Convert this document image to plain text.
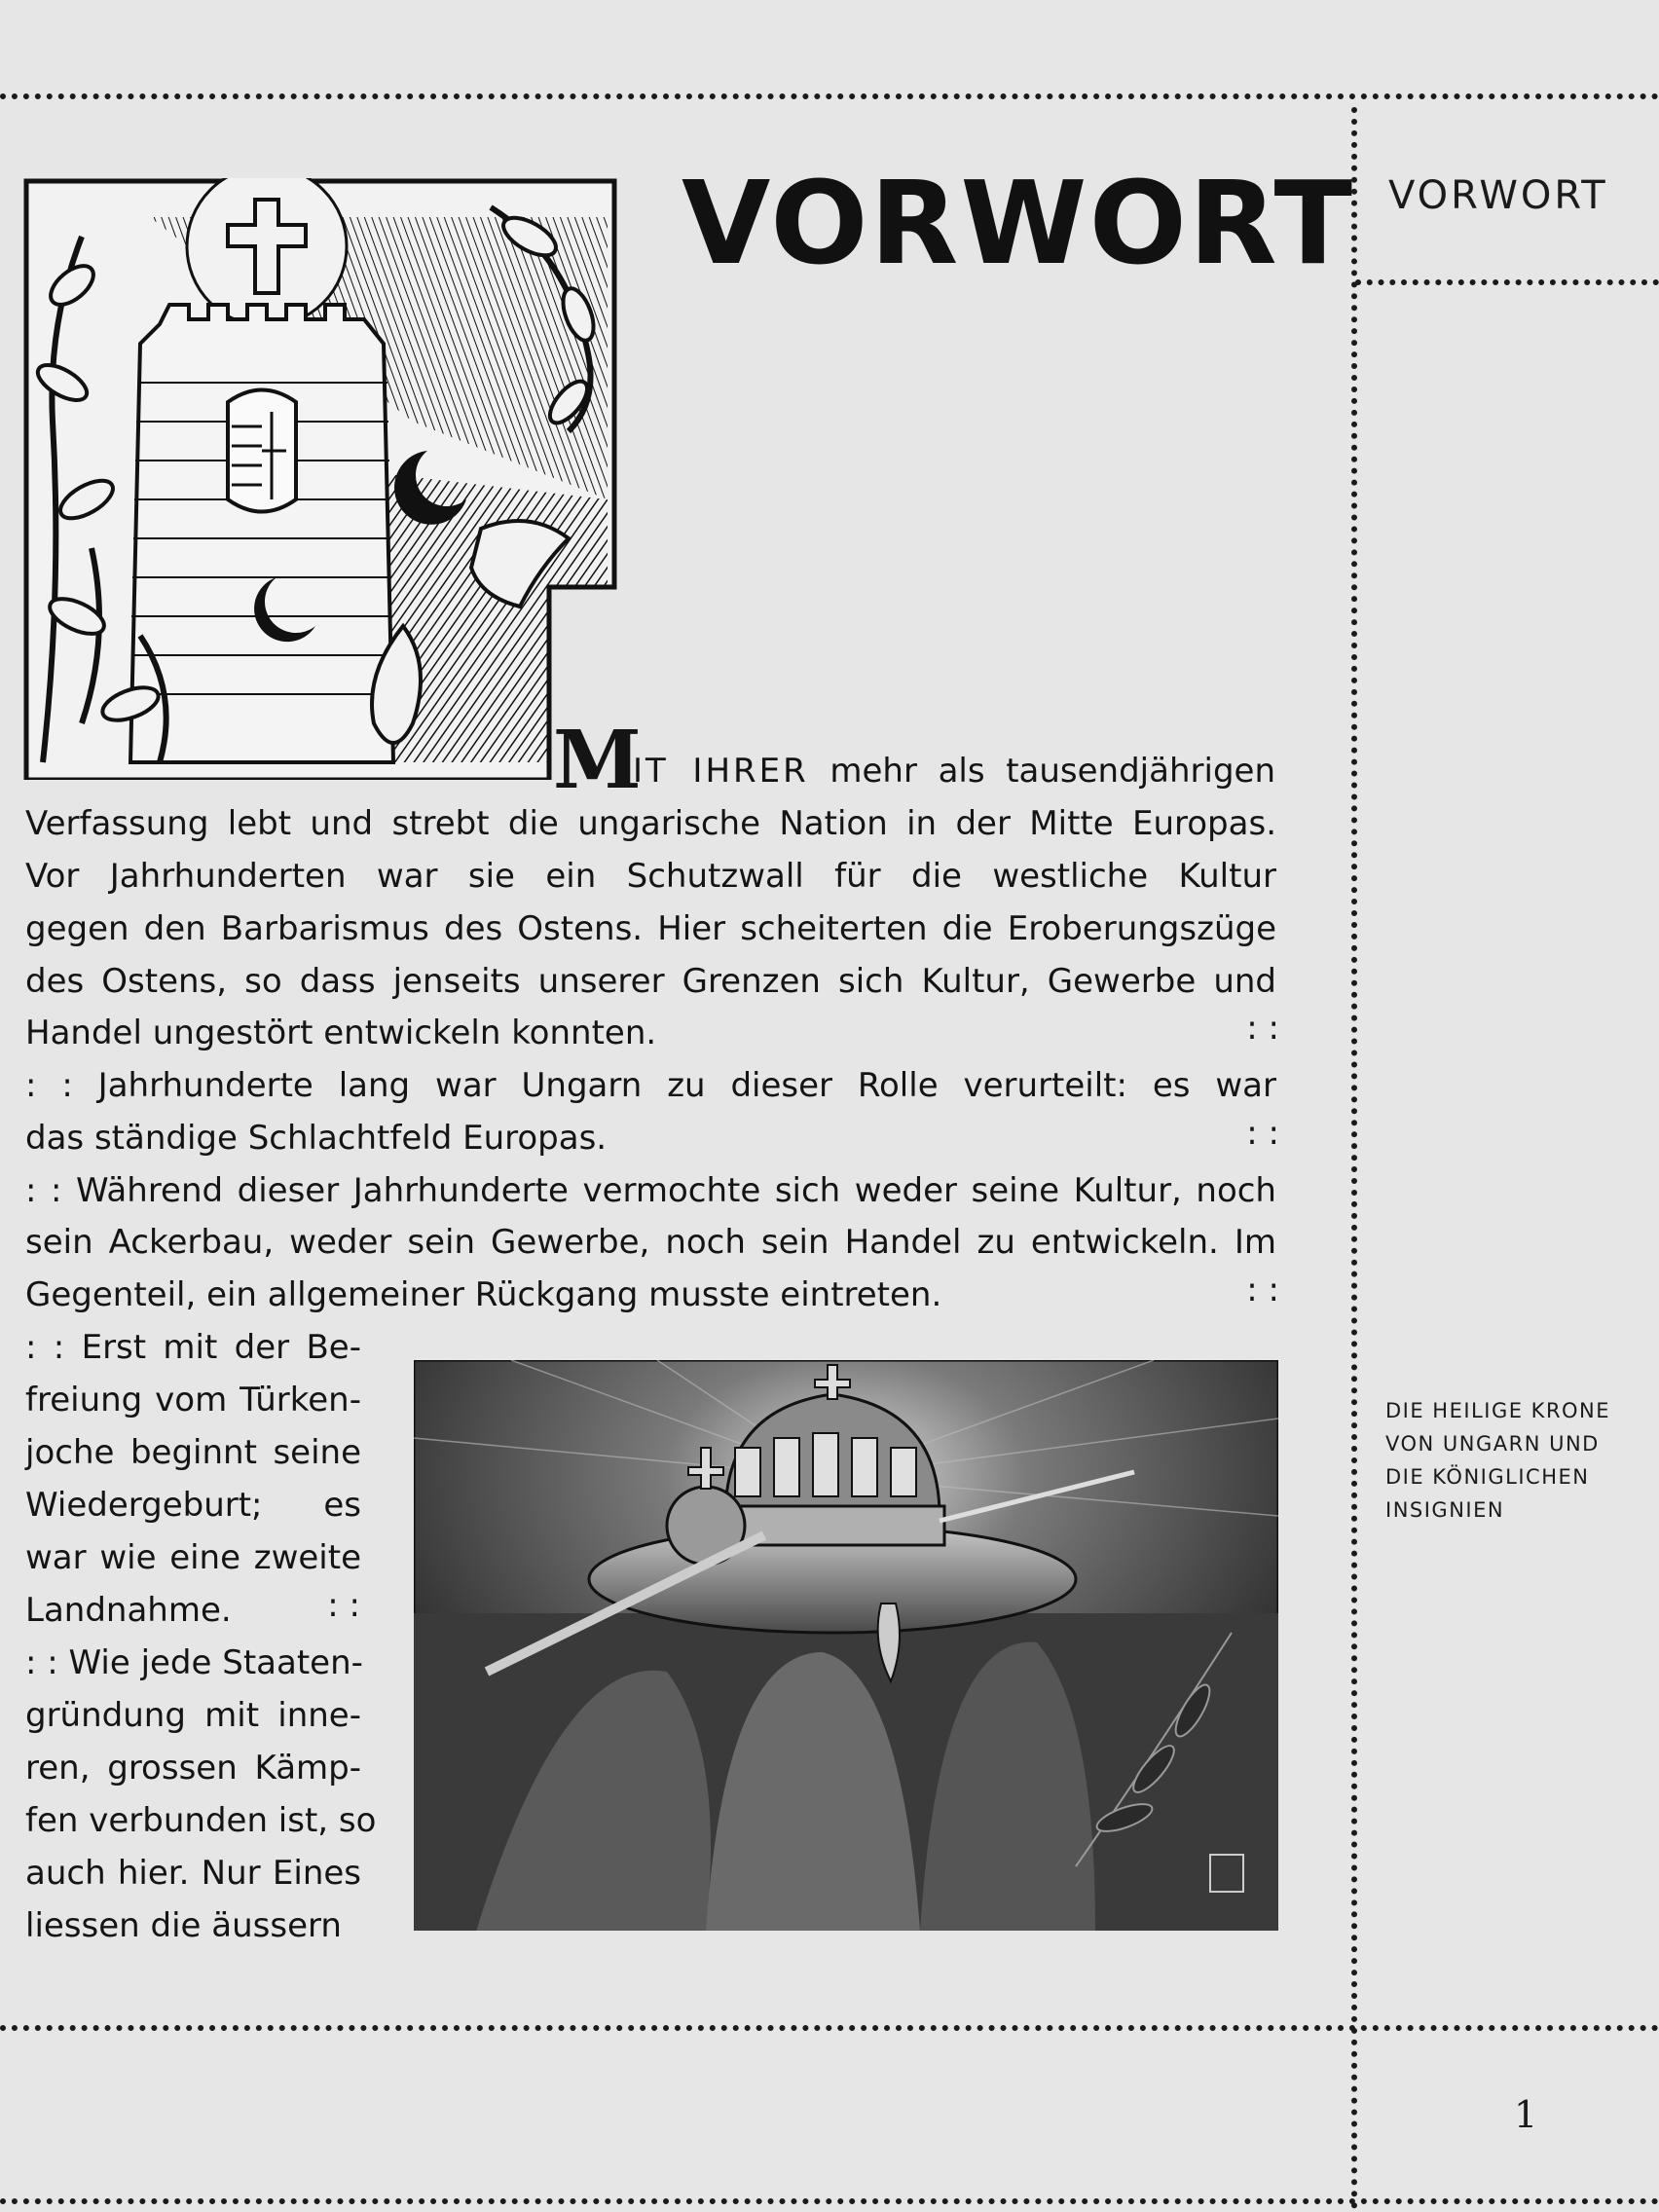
VORWORT VORWORT
M
IT IHRER mehr als tausendjährigen
Verfassung lebt und strebt die ungarische Nation in der Mitte Europas.
Vor Jahrhunderten war sie ein Schutzwall für die westliche Kultur
gegen den Barbarismus des Ostens. Hier scheiterten die Eroberungszüge
des Ostens, so dass jenseits unserer Grenzen sich Kultur, Gewerbe und
Handel ungestört entwickeln konnten.	: :
: : Jahrhunderte lang war Ungarn zu dieser Rolle verurteilt: es war
das ständige Schlachtfeld Europas.	: :
: : Während dieser Jahrhunderte vermochte sich weder seine Kultur, noch
sein Ackerbau, weder sein Gewerbe, noch sein Handel zu entwickeln. Im
Gegenteil, ein allgemeiner Rückgang musste eintreten.	: :
: : Erst mit der Be-
freiung vom Türken-
joche beginnt seine
Wiedergeburt; es
war wie eine zweite
Landnahme.	: :
: : Wie jede Staaten-
gründung mit inne-
ren, grossen Kämp-
fen verbunden ist, so
auch hier. Nur Eines
liessen die äussern
DIE HEILIGE KRONE
VON UNGARN UND
DIE KÖNIGLICHEN
INSIGNIEN
1
